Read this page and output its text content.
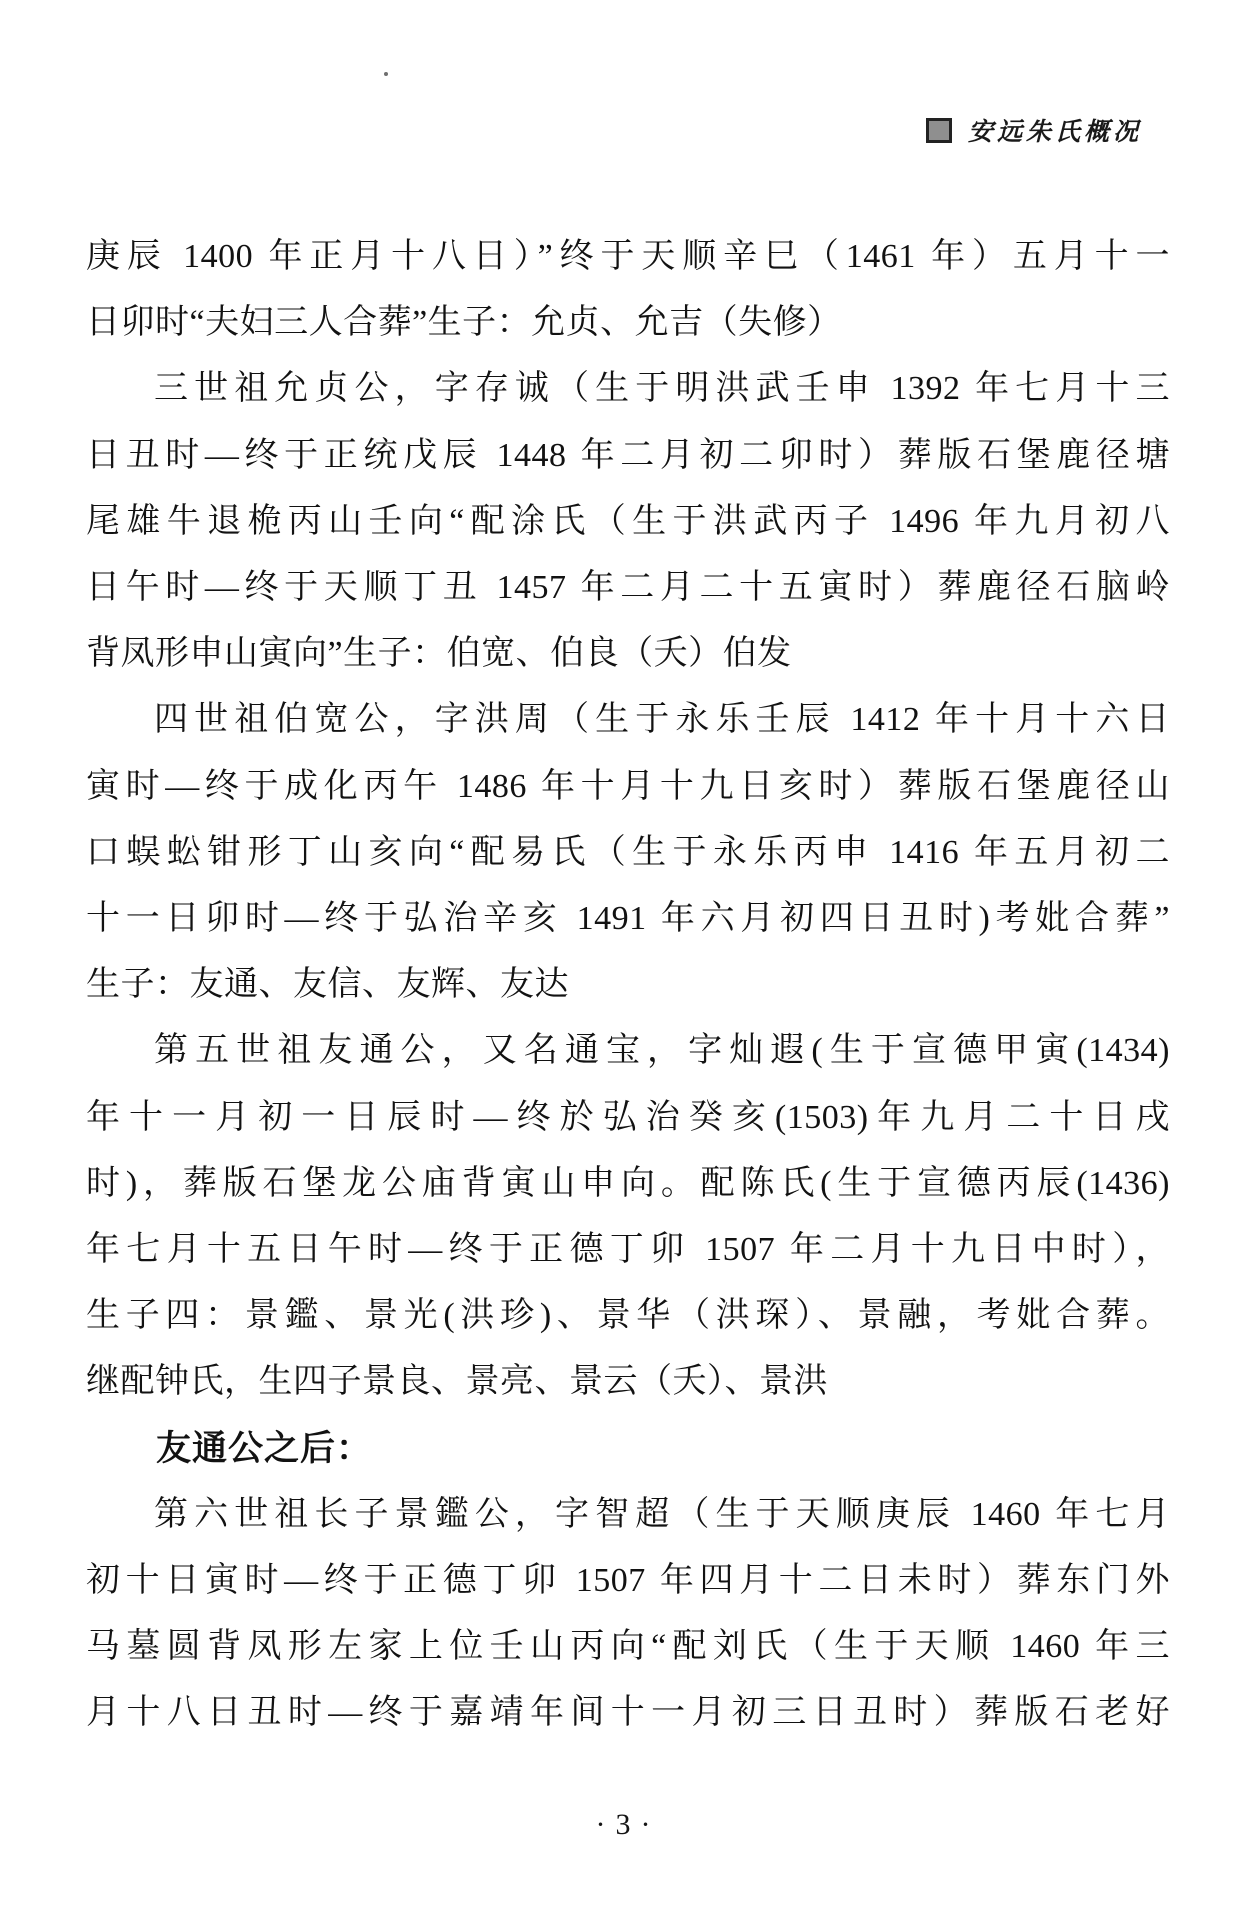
安远朱氏概况

庚辰 1400 年正月十八日）”终于天顺辛巳（1461 年）五月十一

日卯时“夫妇三人合葬”生子：允贞、允吉（失修）

三世祖允贞公，字存诚（生于明洪武壬申 1392 年七月十三

日丑时—终于正统戊辰 1448 年二月初二卯时）葬版石堡鹿径塘

尾雄牛退桅丙山壬向“配涂氏（生于洪武丙子 1496 年九月初八

日午时—终于天顺丁丑 1457 年二月二十五寅时）葬鹿径石脑岭

背凤形申山寅向”生子：伯宽、伯良（夭）伯发

四世祖伯宽公，字洪周（生于永乐壬辰 1412 年十月十六日

寅时—终于成化丙午 1486 年十月十九日亥时）葬版石堡鹿径山

口蜈蚣钳形丁山亥向“配易氏（生于永乐丙申 1416 年五月初二

十一日卯时—终于弘治辛亥 1491 年六月初四日丑时)考妣合葬”

生子：友通、友信、友辉、友达

第五世祖友通公，又名通宝，字灿遐(生于宣德甲寅(1434)

年十一月初一日辰时—终於弘治癸亥(1503)年九月二十日戌

时)，葬版石堡龙公庙背寅山申向。配陈氏(生于宣德丙辰(1436)

年七月十五日午时—终于正德丁卯 1507 年二月十九日中时），

生子四：景鑑、景光(洪珍)、景华（洪琛）、景融，考妣合葬。

继配钟氏，生四子景良、景亮、景云（夭）、景洪

友通公之后：

第六世祖长子景鑑公，字智超（生于天顺庚辰 1460 年七月

初十日寅时—终于正德丁卯 1507 年四月十二日未时）葬东门外

马墓圆背凤形左家上位壬山丙向“配刘氏（生于天顺 1460 年三

月十八日丑时—终于嘉靖年间十一月初三日丑时）葬版石老好

·3·
